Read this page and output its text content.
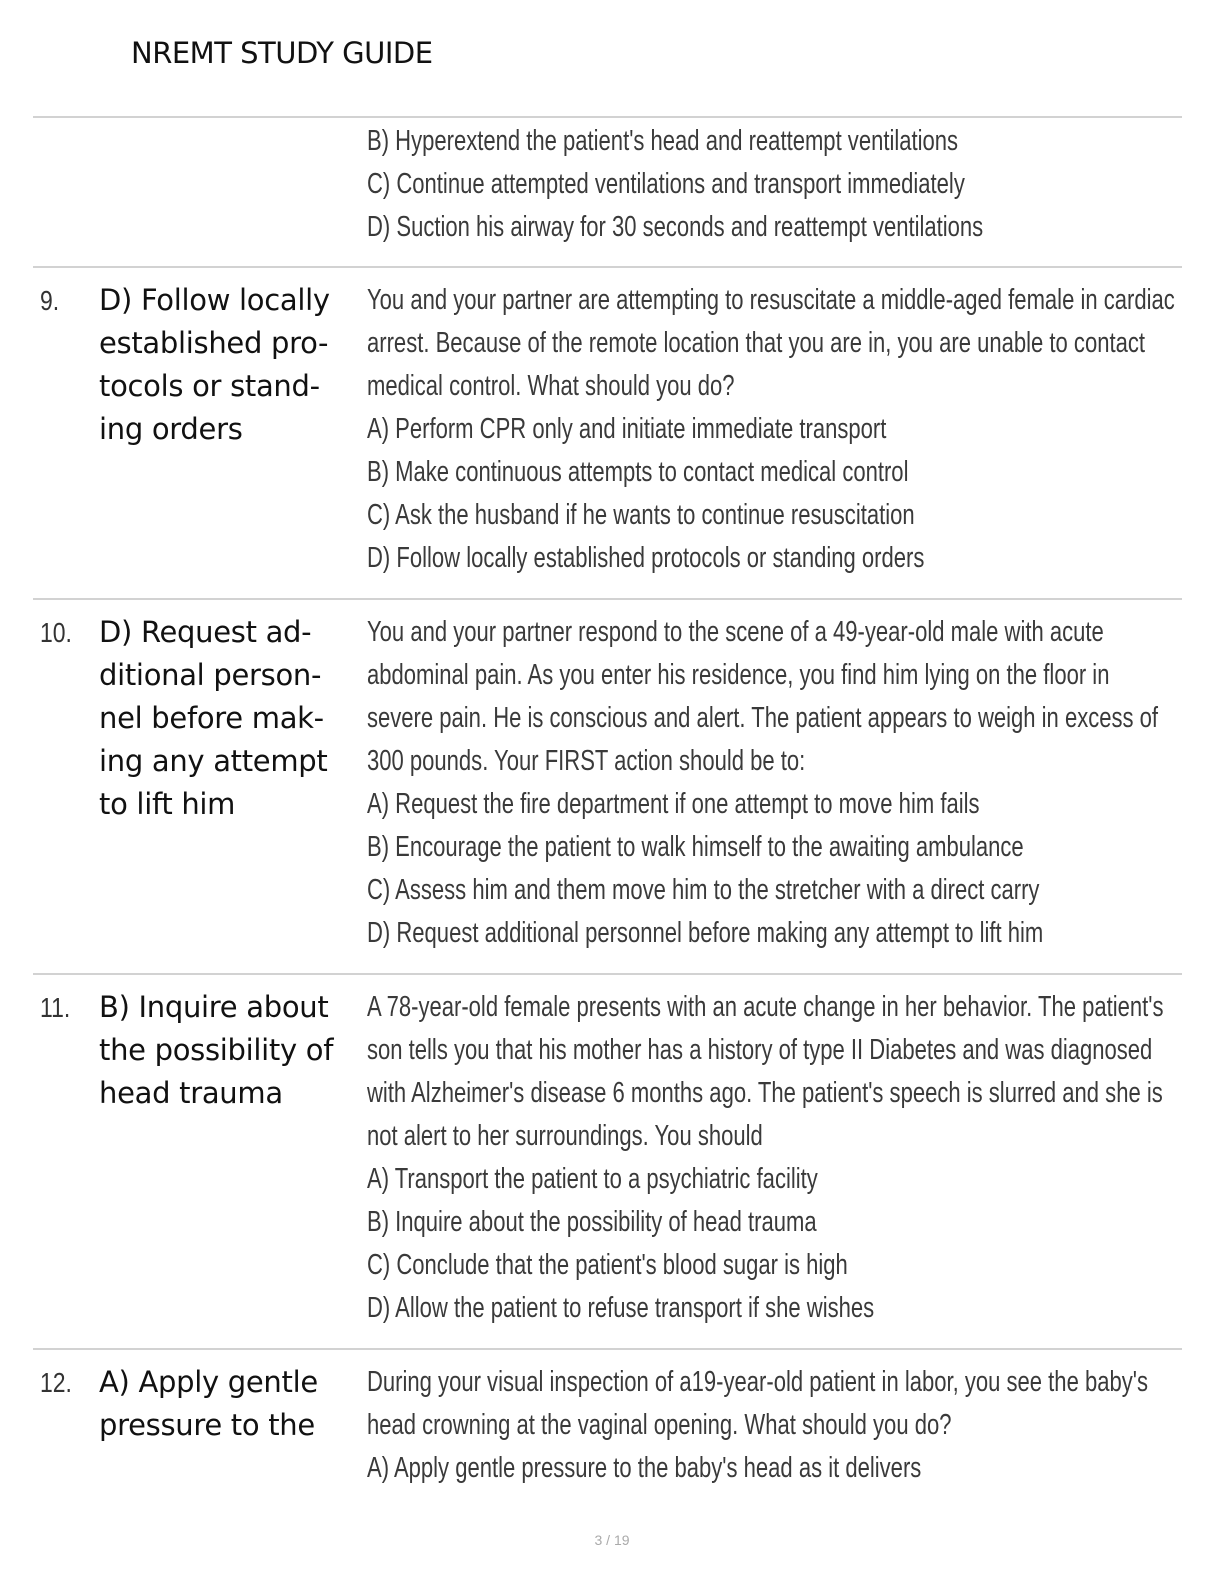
NREMT STUDY GUIDE
B) Hyperextend the patient's head and reattempt ventilations
C) Continue attempted ventilations and transport immediately
D) Suction his airway for 30 seconds and reattempt ventilations
9. D) Follow locally
established pro-
tocols or stand-
ing orders
You and your partner are attempting to resuscitate a middle-aged female in cardiac
arrest. Because of the remote location that you are in, you are unable to contact
medical control. What should you do?
A) Perform CPR only and initiate immediate transport
B) Make continuous attempts to contact medical control
C) Ask the husband if he wants to continue resuscitation
D) Follow locally established protocols or standing orders
10. D) Request ad-
ditional person-
nel before mak-
ing any attempt
to lift him
You and your partner respond to the scene of a 49-year-old male with acute
abdominal pain. As you enter his residence, you find him lying on the floor in
severe pain. He is conscious and alert. The patient appears to weigh in excess of
300 pounds. Your FIRST action should be to:
A) Request the fire department if one attempt to move him fails
B) Encourage the patient to walk himself to the awaiting ambulance
C) Assess him and them move him to the stretcher with a direct carry
D) Request additional personnel before making any attempt to lift him
11. B) Inquire about
the possibility of
head trauma
A 78-year-old female presents with an acute change in her behavior. The patient's
son tells you that his mother has a history of type II Diabetes and was diagnosed
with Alzheimer's disease 6 months ago. The patient's speech is slurred and she is
not alert to her surroundings. You should
A) Transport the patient to a psychiatric facility
B) Inquire about the possibility of head trauma
C) Conclude that the patient's blood sugar is high
D) Allow the patient to refuse transport if she wishes
12. A) Apply gentle
pressure to the
During your visual inspection of a19-year-old patient in labor, you see the baby's
head crowning at the vaginal opening. What should you do?
A) Apply gentle pressure to the baby's head as it delivers
3 / 19
